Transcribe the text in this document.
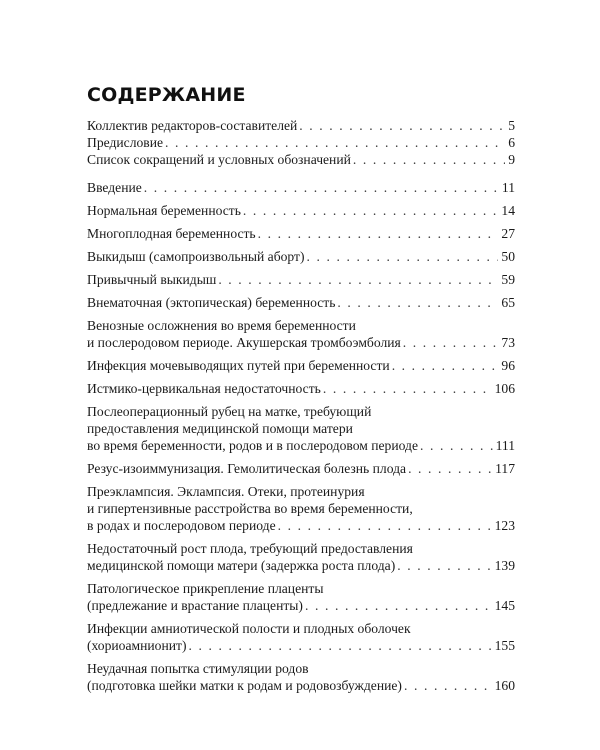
СОДЕРЖАНИЕ
Коллектив редакторов-составителей . . .	5
Предисловие . . .	6
Список сокращений и условных обозначений . . .	9
Введение . . .	11
Нормальная беременность . . .	14
Многоплодная беременность . . .	27
Выкидыш (самопроизвольный аборт) . . .	50
Привычный выкидыш . . .	59
Внематочная (эктопическая) беременность . . .	65
Венозные осложнения во время беременности
и послеродовом периоде. Акушерская тромбоэмболия . . .	73
Инфекция мочевыводящих путей при беременности . . .	96
Истмико-цервикальная недостаточность . . .	106
Послеоперационный рубец на матке, требующий
предоставления медицинской помощи матери
во время беременности, родов и в послеродовом периоде . . .	111
Резус-изоиммунизация. Гемолитическая болезнь плода . . .	117
Преэклампсия. Эклампсия. Отеки, протеинурия
и гипертензивные расстройства во время беременности,
в родах и послеродовом периоде . . .	123
Недостаточный рост плода, требующий предоставления
медицинской помощи матери (задержка роста плода) . . .	139
Патологическое прикрепление плаценты
(предлежание и врастание плаценты) . . .	145
Инфекции амниотической полости и плодных оболочек
(хориоамнионит) . . .	155
Неудачная попытка стимуляции родов
(подготовка шейки матки к родам и родовозбуждение) . . .	160
